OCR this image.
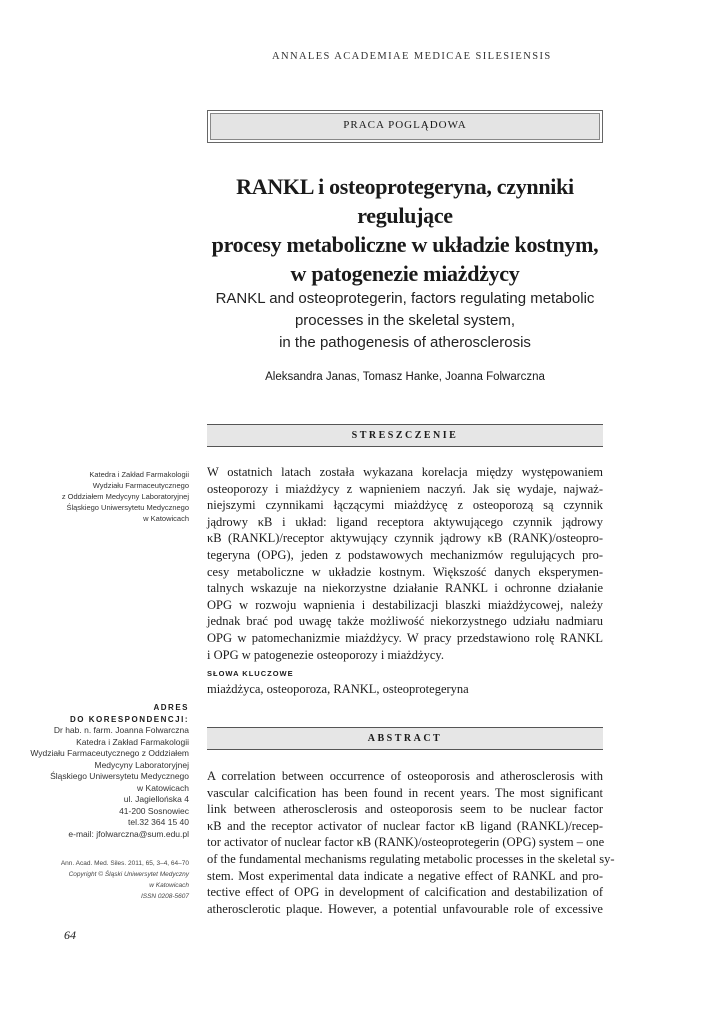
ANNALES ACADEMIAE MEDICAE SILESIENSIS
PRACA POGLĄDOWA
RANKL i osteoprotegeryna, czynniki regulujące
procesy metaboliczne w układzie kostnym,
w patogenezie miażdżycy
RANKL and osteoprotegerin, factors regulating metabolic
processes in the skeletal system,
in the pathogenesis of atherosclerosis
Aleksandra Janas, Tomasz Hanke, Joanna Folwarczna
STRESZCZENIE
Katedra i Zakład Farmakologii
Wydziału Farmaceutycznego
z Oddziałem Medycyny Laboratoryjnej
Śląskiego Uniwersytetu Medycznego
w Katowicach
W ostatnich latach została wykazana korelacja między występowaniem
osteoporozy i miażdżycy z wapnieniem naczyń. Jak się wydaje, najważ-
niejszymi czynnikami łączącymi miażdżycę z osteoporozą są czynnik
jądrowy κB i układ: ligand receptora aktywującego czynnik jądrowy
κB (RANKL)/receptor aktywujący czynnik jądrowy κB (RANK)/osteopro-
tegeryna (OPG), jeden z podstawowych mechanizmów regulujących pro-
cesy metaboliczne w układzie kostnym. Większość danych eksperymen-
talnych wskazuje na niekorzystne działanie RANKL i ochronne działanie
OPG w rozwoju wapnienia i destabilizacji blaszki miażdżycowej, należy
jednak brać pod uwagę także możliwość niekorzystnego udziału nadmiaru
OPG w patomechanizmie miażdżycy. W pracy przedstawiono rolę RANKL
i OPG w patogenezie osteoporozy i miażdżycy.
SŁOWA KLUCZOWE
miażdżyca, osteoporoza, RANKL, osteoprotegeryna
ADRES
DO KORESPONDENCJI:
Dr hab. n. farm. Joanna Folwarczna
Katedra i Zakład Farmakologii
Wydziału Farmaceutycznego z Oddziałem
Medycyny Laboratoryjnej
Śląskiego Uniwersytetu Medycznego
w Katowicach
ul. Jagiellońska 4
41-200 Sosnowiec
tel.32 364 15 40
e-mail: jfolwarczna@sum.edu.pl
ABSTRACT
Ann. Acad. Med. Siles. 2011, 65, 3–4, 64–70
Copyright © Śląski Uniwersytet Medyczny
w Katowicach
ISSN 0208-5607
A correlation between occurrence of osteoporosis and atherosclerosis with
vascular calcification has been found in recent years. The most significant
link between atherosclerosis and osteoporosis seem to be nuclear factor
κB and the receptor activator of nuclear factor κB ligand (RANKL)/recep-
tor activator of nuclear factor κB (RANK)/osteoprotegerin (OPG) system – one
of the fundamental mechanisms regulating metabolic processes in the skeletal sy-
stem. Most experimental data indicate a negative effect of RANKL and pro-
tective effect of OPG in development of calcification and destabilization of
atherosclerotic plaque. However, a potential unfavourable role of excessive
64
